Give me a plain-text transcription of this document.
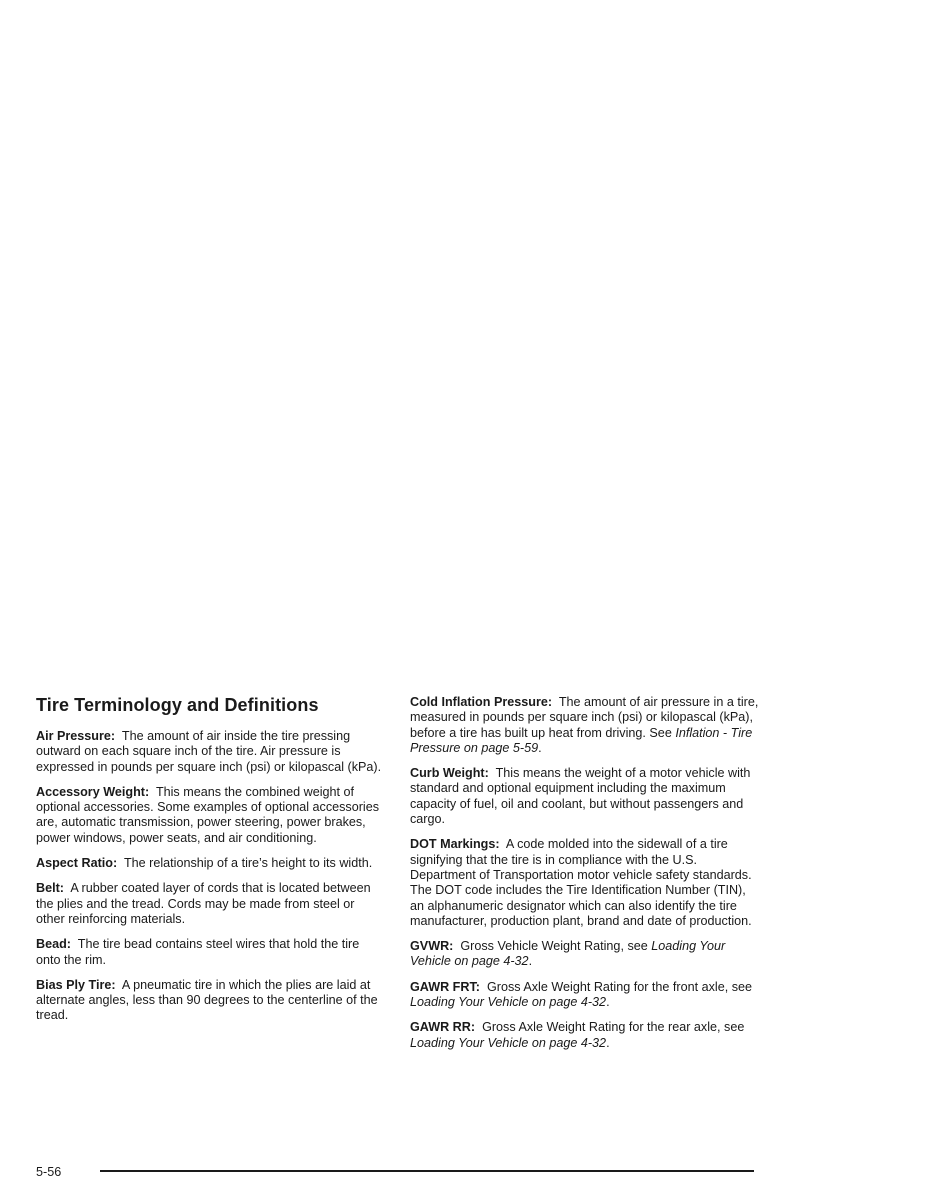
Tire Terminology and Definitions

Air Pressure: The amount of air inside the tire pressing outward on each square inch of the tire. Air pressure is expressed in pounds per square inch (psi) or kilopascal (kPa).

Accessory Weight: This means the combined weight of optional accessories. Some examples of optional accessories are, automatic transmission, power steering, power brakes, power windows, power seats, and air conditioning.

Aspect Ratio: The relationship of a tire’s height to its width.

Belt: A rubber coated layer of cords that is located between the plies and the tread. Cords may be made from steel or other reinforcing materials.

Bead: The tire bead contains steel wires that hold the tire onto the rim.

Bias Ply Tire: A pneumatic tire in which the plies are laid at alternate angles, less than 90 degrees to the centerline of the tread.

Cold Inflation Pressure: The amount of air pressure in a tire, measured in pounds per square inch (psi) or kilopascal (kPa), before a tire has built up heat from driving. See Inflation - Tire Pressure on page 5-59.

Curb Weight: This means the weight of a motor vehicle with standard and optional equipment including the maximum capacity of fuel, oil and coolant, but without passengers and cargo.

DOT Markings: A code molded into the sidewall of a tire signifying that the tire is in compliance with the U.S. Department of Transportation motor vehicle safety standards. The DOT code includes the Tire Identification Number (TIN), an alphanumeric designator which can also identify the tire manufacturer, production plant, brand and date of production.

GVWR: Gross Vehicle Weight Rating, see Loading Your Vehicle on page 4-32.

GAWR FRT: Gross Axle Weight Rating for the front axle, see Loading Your Vehicle on page 4-32.

GAWR RR: Gross Axle Weight Rating for the rear axle, see Loading Your Vehicle on page 4-32.

5-56
